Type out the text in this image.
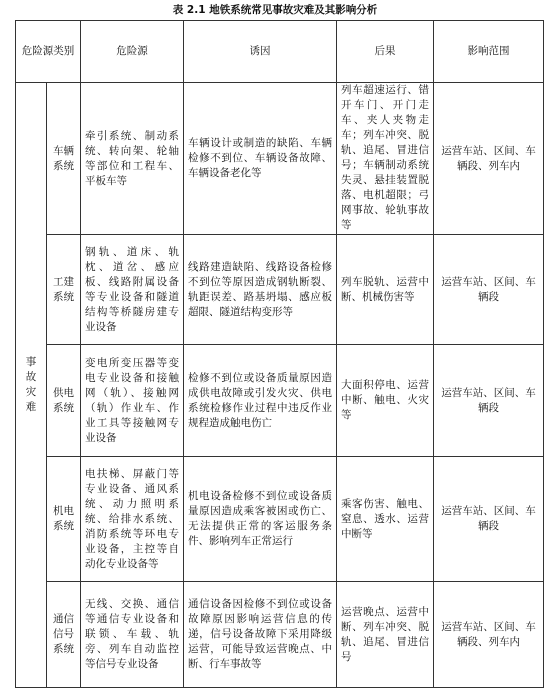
表 2.1 地铁系统常见事故灾难及其影响分析
危险源类别		危险源	诱因	后果	影响范围

事故灾难	车辆系统	牵引系统、制动系统、转向架、轮轴等部位和工程车、平板车等	车辆设计或制造的缺陷、车辆检修不到位、车辆设备故障、车辆设备老化等	列车超速运行、错开车门、开门走车、夹人夹物走车；列车冲突、脱轨、追尾、冒进信号；车辆制动系统失灵、悬挂装置脱落、电机超限；弓网事故、轮轨事故等	运营车站、区间、车辆段、列车内

	工建系统	钢轨、道床、轨枕、道岔、感应板、线路附属设备等专业设备和隧道结构等桥隧房建专业设备	线路建造缺陷、线路设备检修不到位等原因造成钢轨断裂、轨距误差、路基坍塌、感应板超限、隧道结构变形等	列车脱轨、运营中断、机械伤害等	运营车站、区间、车辆段

	供电系统	变电所变压器等变电专业设备和接触网（轨）、接触网（轨）作业车、作业工具等接触网专业设备	检修不到位或设备质量原因造成供电故障或引发火灾、供电系统检修作业过程中违反作业规程造成触电伤亡	大面积停电、运营中断、触电、火灾等	运营车站、区间、车辆段

	机电系统	电扶梯、屏蔽门等专业设备、通风系统、动力照明系统、给排水系统、消防系统等环电专业设备，主控等自动化专业设备等	机电设备检修不到位或设备质量原因造成乘客被困或伤亡、无法提供正常的客运服务条件、影响列车正常运行	乘客伤害、触电、窒息、透水、运营中断等	运营车站、区间、车辆段

	通信信号系统	无线、交换、通信等通信专业设备和联锁、车载、轨旁、列车自动监控等信号专业设备	通信设备因检修不到位或设备故障原因影响运营信息的传递，信号设备故障下采用降级运营，可能导致运营晚点、中断、行车事故等	运营晚点、运营中断、列车冲突、脱轨、追尾、冒进信号	运营车站、区间、车辆段、列车内
